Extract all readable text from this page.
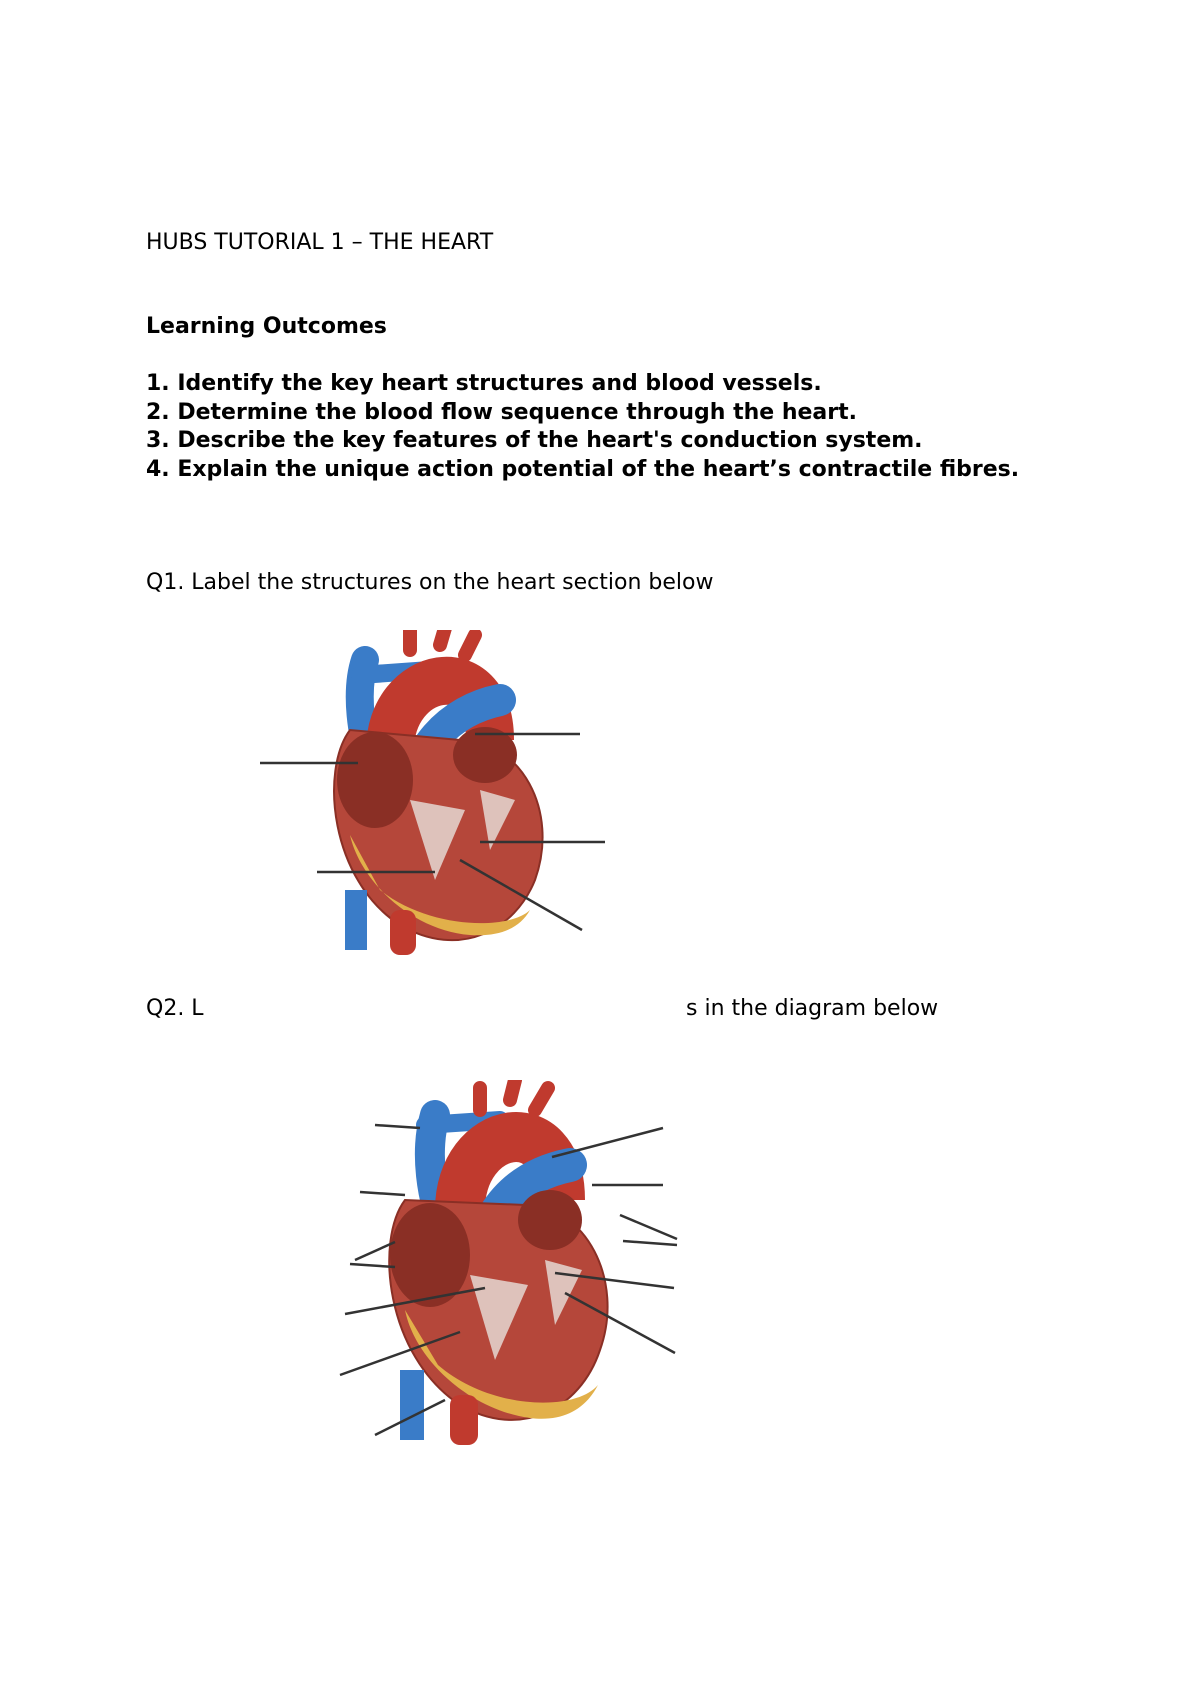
HUBS TUTORIAL 1 – THE HEART
Learning Outcomes
1. Identify the key heart structures and blood vessels.
2. Determine the blood flow sequence through the heart.
3. Describe the key features of the heart's conduction system.
4. Explain the unique action potential of the heart’s contractile fibres.
Q1. Label the structures on the heart section below
Q2. L	s in the diagram below
